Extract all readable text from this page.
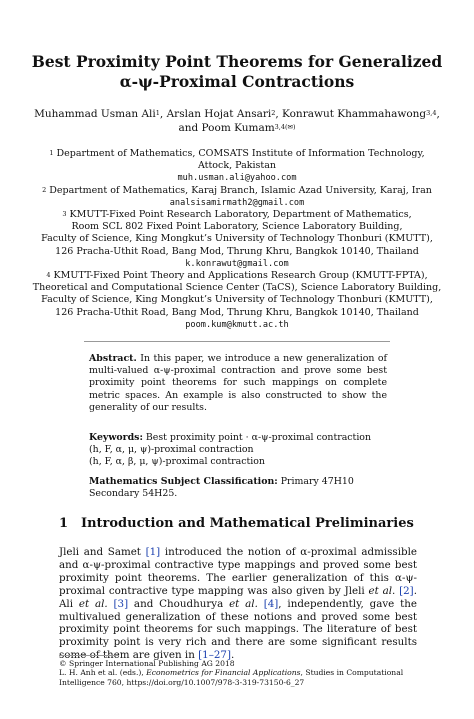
Best Proximity Point Theorems for Generalized
α-ψ-Proximal Contractions
Muhammad Usman Ali$^1$, Arslan Hojat Ansari$^2$, Konrawut Khammahawong$^{3,4}$,
and Poom Kumam$^{3,4(✉)}$
$^1$ Department of Mathematics, COMSATS Institute of Information Technology,
Attock, Pakistan
muh.usman.ali@yahoo.com
$^2$ Department of Mathematics, Karaj Branch, Islamic Azad University, Karaj, Iran
analsisamirmath2@gmail.com
$^3$ KMUTT-Fixed Point Research Laboratory, Department of Mathematics,
Room SCL 802 Fixed Point Laboratory, Science Laboratory Building,
Faculty of Science, King Mongkut’s University of Technology Thonburi (KMUTT),
126 Pracha-Uthit Road, Bang Mod, Thrung Khru, Bangkok 10140, Thailand
k.konrawut@gmail.com
$^4$ KMUTT-Fixed Point Theory and Applications Research Group (KMUTT-FPTA),
Theoretical and Computational Science Center (TaCS), Science Laboratory Building,
Faculty of Science, King Mongkut’s University of Technology Thonburi (KMUTT),
126 Pracha-Uthit Road, Bang Mod, Thrung Khru, Bangkok 10140, Thailand
poom.kum@kmutt.ac.th
Abstract. In this paper, we introduce a new generalization of multi-valued α-ψ-proximal contraction and prove some best proximity point theorems for such mappings on complete metric spaces. An example is also constructed to show the generality of our results.
Keywords: Best proximity point · α-ψ-proximal contraction
(h, F, α, μ, ψ)-proximal contraction
(h, F, α, β, μ, ψ)-proximal contraction
Mathematics Subject Classification: Primary 47H10
Secondary 54H25.
1 Introduction and Mathematical Preliminaries
Jleli and Samet [1] introduced the notion of α-proximal admissible and α-ψ-proximal contractive type mappings and proved some best proximity point theorems. The earlier generalization of this α-ψ-proximal contractive type mapping was also given by Jleli et al. [2]. Ali et al. [3] and Choudhurya et al. [4], independently, gave the multivalued generalization of these notions and proved some best proximity point theorems for such mappings. The literature of best proximity point is very rich and there are some significant results some of them are given in [1–27].
© Springer International Publishing AG 2018
L. H. Anh et al. (eds.), Econometrics for Financial Applications, Studies in Computational
Intelligence 760, https://doi.org/10.1007/978-3-319-73150-6_27
